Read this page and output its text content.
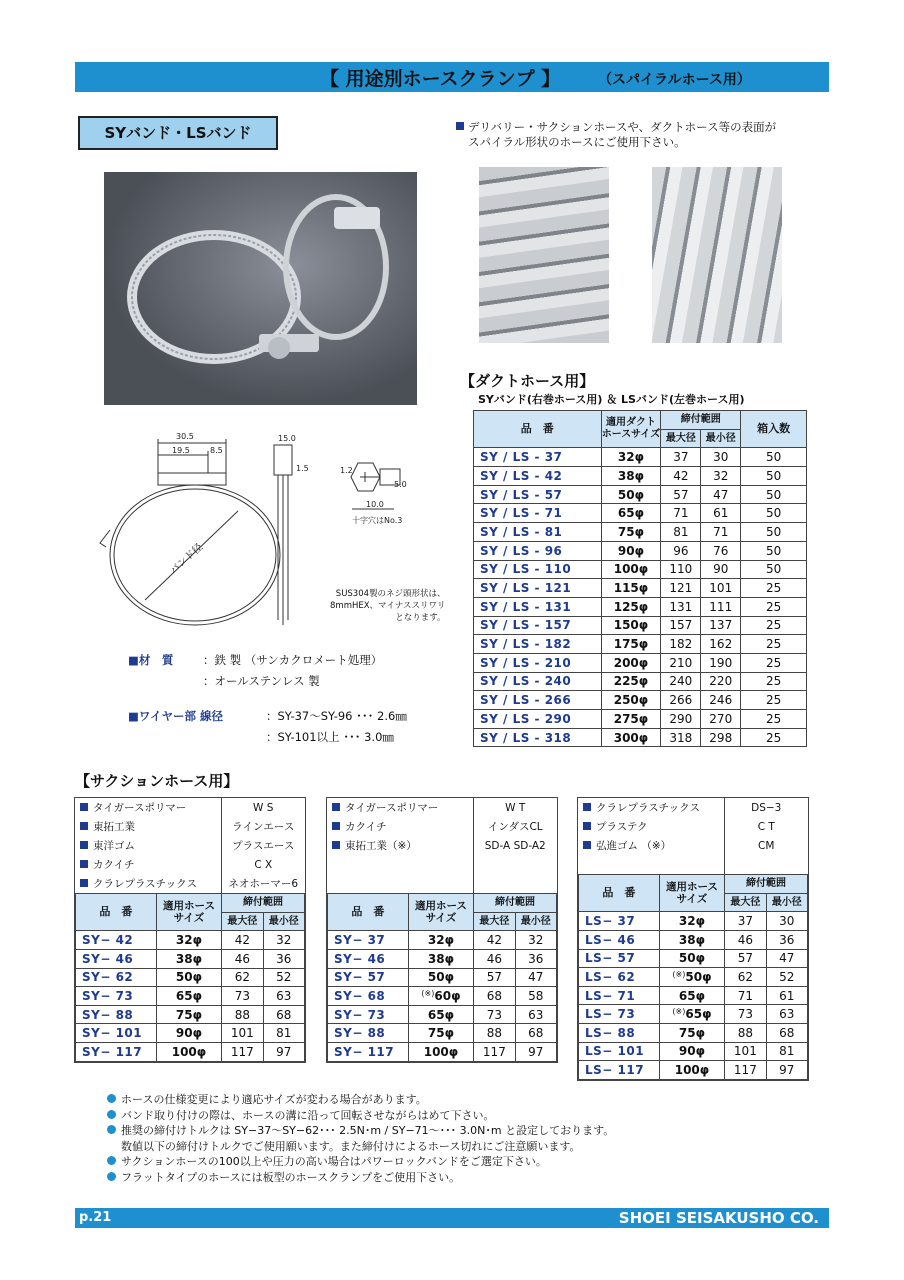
【 用途別ホースクランプ 】	（スパイラルホース用）
SYバンド・LSバンド	デリバリー・サクションホースや、ダクトホース等の表面が
スパイラル形状のホースにご使用下さい。
30.5
19.5	8.5
15.0
1.5	1.2
5.0
10.0
十字穴はNo.3
バンド径
SUS304製のネジ頭形状は、
8mmHEX、マイナススリワリ
となります。
■材　質	：鉄 製 （サンカクロメート処理）
：オールステンレス 製
■ワイヤー部 線径	：SY-37～SY-96 ･･･ 2.6㎜
：SY-101以上 ･･･ 3.0㎜
【ダクトホース用】
SYバンド(右巻ホース用) ＆ LSバンド(左巻ホース用)
品　番	適用ダクト
ホースサイズ	締付範囲		箱入数
		最大径	最小径	
SY / LS - 37	32φ	37	30	50
SY / LS - 42	38φ	42	32	50
SY / LS - 57	50φ	57	47	50
SY / LS - 71	65φ	71	61	50
SY / LS - 81	75φ	81	71	50
SY / LS - 96	90φ	96	76	50
SY / LS - 110	100φ	110	90	50
SY / LS - 121	115φ	121	101	25
SY / LS - 131	125φ	131	111	25
SY / LS - 157	150φ	157	137	25
SY / LS - 182	175φ	182	162	25
SY / LS - 210	200φ	210	190	25
SY / LS - 240	225φ	240	220	25
SY / LS - 266	250φ	266	246	25
SY / LS - 290	275φ	290	270	25
SY / LS - 318	300φ	318	298	25
【サクションホース用】
	タイガースポリマー	W S
	東拓工業	ラインエース
	東洋ゴム	プラスエース
	カクイチ	C X
	クラレプラスチックス	ネオホーマー6
品　番	適用ホース
サイズ	締付範囲	
		最大径	最小径
SY− 42	32φ	42	32
SY− 46	38φ	46	36
SY− 62	50φ	62	52
SY− 73	65φ	73	63
SY− 88	75φ	88	68
SY− 101	90φ	101	81
SY− 117	100φ	117	97
	タイガースポリマー	W T
	カクイチ	インダスCL
	東拓工業（※）	SD-A SD-A2

品　番	適用ホース
サイズ	締付範囲	
		最大径	最小径
SY− 37	32φ	42	32
SY− 46	38φ	46	36
SY− 57	50φ	57	47
SY− 68	(※)60φ	68	58
SY− 73	65φ	73	63
SY− 88	75φ	88	68
SY− 117	100φ	117	97
	クラレプラスチックス	DS−3
	プラステク	C T
	弘進ゴム （※）	CM

品　番	適用ホース
サイズ	締付範囲	
		最大径	最小径
LS− 37	32φ	37	30
LS− 46	38φ	46	36
LS− 57	50φ	57	47
LS− 62	(※)50φ	62	52
LS− 71	65φ	71	61
LS− 73	(※)65φ	73	63
LS− 88	75φ	88	68
LS− 101	90φ	101	81
LS− 117	100φ	117	97
ホースの仕様変更により適応サイズが変わる場合があります。
バンド取り付けの際は、ホースの溝に沿って回転させながらはめて下さい。
推奨の締付けトルクは SY−37～SY−62･･･ 2.5N･m / SY−71～･･･ 3.0N･m と設定しております。
数値以下の締付けトルクでご使用願います。また締付けによるホース切れにご注意願います。
サクションホースの100以上や圧力の高い場合はパワーロックバンドをご選定下さい。
フラットタイプのホースには板型のホースクランプをご使用下さい。
p.21	SHOEI SEISAKUSHO CO.
